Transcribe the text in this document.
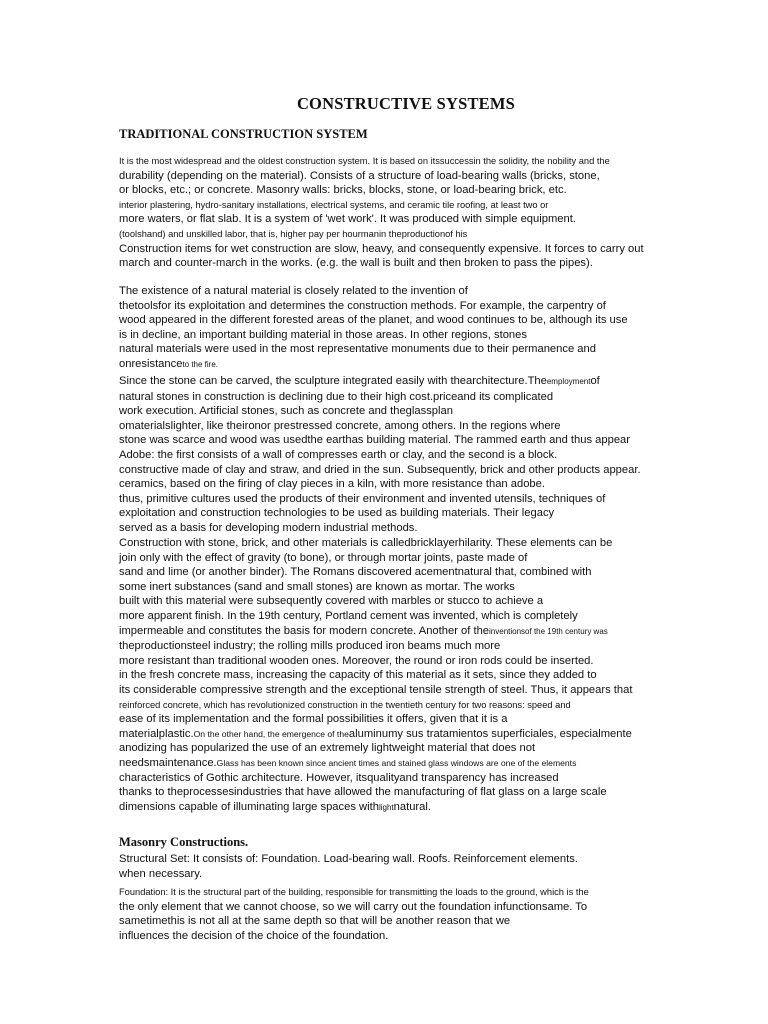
CONSTRUCTIVE SYSTEMS
TRADITIONAL CONSTRUCTION SYSTEM
It is the most widespread and the oldest construction system. It is based on itssuccessin the solidity, the nobility and the
durability (depending on the material). Consists of a structure of load-bearing walls (bricks, stone,
or blocks, etc.; or concrete. Masonry walls: bricks, blocks, stone, or load-bearing brick, etc.
interior plastering, hydro-sanitary installations, electrical systems, and ceramic tile roofing, at least two or
more waters, or flat slab. It is a system of 'wet work'. It was produced with simple equipment.
(toolshand) and unskilled labor, that is, higher pay per hourmanin theproductionof his
Construction items for wet construction are slow, heavy, and consequently expensive. It forces to carry out
march and counter-march in the works. (e.g. the wall is built and then broken to pass the pipes).
The existence of a natural material is closely related to the invention of
thetoolsfor its exploitation and determines the construction methods. For example, the carpentry of
wood appeared in the different forested areas of the planet, and wood continues to be, although its use
is in decline, an important building material in those areas. In other regions, stones
natural materials were used in the most representative monuments due to their permanence and
onresistanceto the fire.
Since the stone can be carved, the sculpture integrated easily with thearchitecture.Theemploymentof
natural stones in construction is declining due to their high cost.priceand its complicated
work execution. Artificial stones, such as concrete and theglassplan
omaterialslighter, like theironor prestressed concrete, among others. In the regions where
stone was scarce and wood was usedthe earthas building material. The rammed earth and thus appear
Adobe: the first consists of a wall of compresses earth or clay, and the second is a block.
constructive made of clay and straw, and dried in the sun. Subsequently, brick and other products appear.
ceramics, based on the firing of clay pieces in a kiln, with more resistance than adobe.
thus, primitive cultures used the products of their environment and invented utensils, techniques of
exploitation and construction technologies to be used as building materials. Their legacy
served as a basis for developing modern industrial methods.
Construction with stone, brick, and other materials is calledbricklayerhilarity. These elements can be
join only with the effect of gravity (to bone), or through mortar joints, paste made of
sand and lime (or another binder). The Romans discovered acementnatural that, combined with
some inert substances (sand and small stones) are known as mortar. The works
built with this material were subsequently covered with marbles or stucco to achieve a
more apparent finish. In the 19th century, Portland cement was invented, which is completely
impermeable and constitutes the basis for modern concrete. Another of theinventionsof the 19th century was
theproductionsteel industry; the rolling mills produced iron beams much more
more resistant than traditional wooden ones. Moreover, the round or iron rods could be inserted.
in the fresh concrete mass, increasing the capacity of this material as it sets, since they added to
its considerable compressive strength and the exceptional tensile strength of steel. Thus, it appears that
reinforced concrete, which has revolutionized construction in the twentieth century for two reasons: speed and
ease of its implementation and the formal possibilities it offers, given that it is a
materialplastic.On the other hand, the emergence of thealuminumy sus tratamientos superficiales, especialmente
anodizing has popularized the use of an extremely lightweight material that does not
needsmaintenance.Glass has been known since ancient times and stained glass windows are one of the elements
characteristics of Gothic architecture. However, itsqualityand transparency has increased
thanks to theprocessesindustries that have allowed the manufacturing of flat glass on a large scale
dimensions capable of illuminating large spaces withlightnatural.
Masonry Constructions.
Structural Set: It consists of: Foundation. Load-bearing wall. Roofs. Reinforcement elements.
when necessary.
Foundation: It is the structural part of the building, responsible for transmitting the loads to the ground, which is the
the only element that we cannot choose, so we will carry out the foundation infunctionsame. To
sametimethis is not all at the same depth so that will be another reason that we
influences the decision of the choice of the foundation.
